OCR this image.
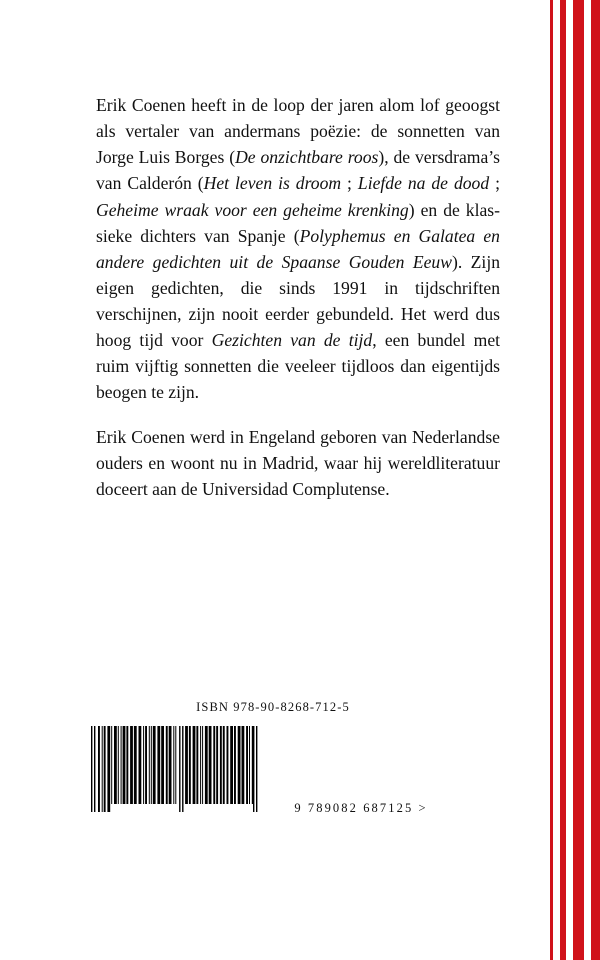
Erik Coenen heeft in de loop der jaren alom lof geoogst als vertaler van andermans poëzie: de sonnetten van Jorge Luis Borges (De onzichtbare roos), de versdrama’s van Calderón (Het leven is droom ; Liefde na de dood ; Geheime wraak voor een geheime krenking) en de klassieke dichters van Spanje (Polyphemus en Galatea en andere gedichten uit de Spaanse Gouden Eeuw). Zijn eigen gedichten, die sinds 1991 in tijdschriften verschijnen, zijn nooit eerder gebundeld. Het werd dus hoog tijd voor Gezichten van de tijd, een bundel met ruim vijftig sonnetten die veeleer tijdloos dan eigentijds beogen te zijn.

Erik Coenen werd in Engeland geboren van Nederlandse ouders en woont nu in Madrid, waar hij wereldliteratuur doceert aan de Universidad Complutense.

ISBN 978-90-8268-712-5
9 789082 687125 >
